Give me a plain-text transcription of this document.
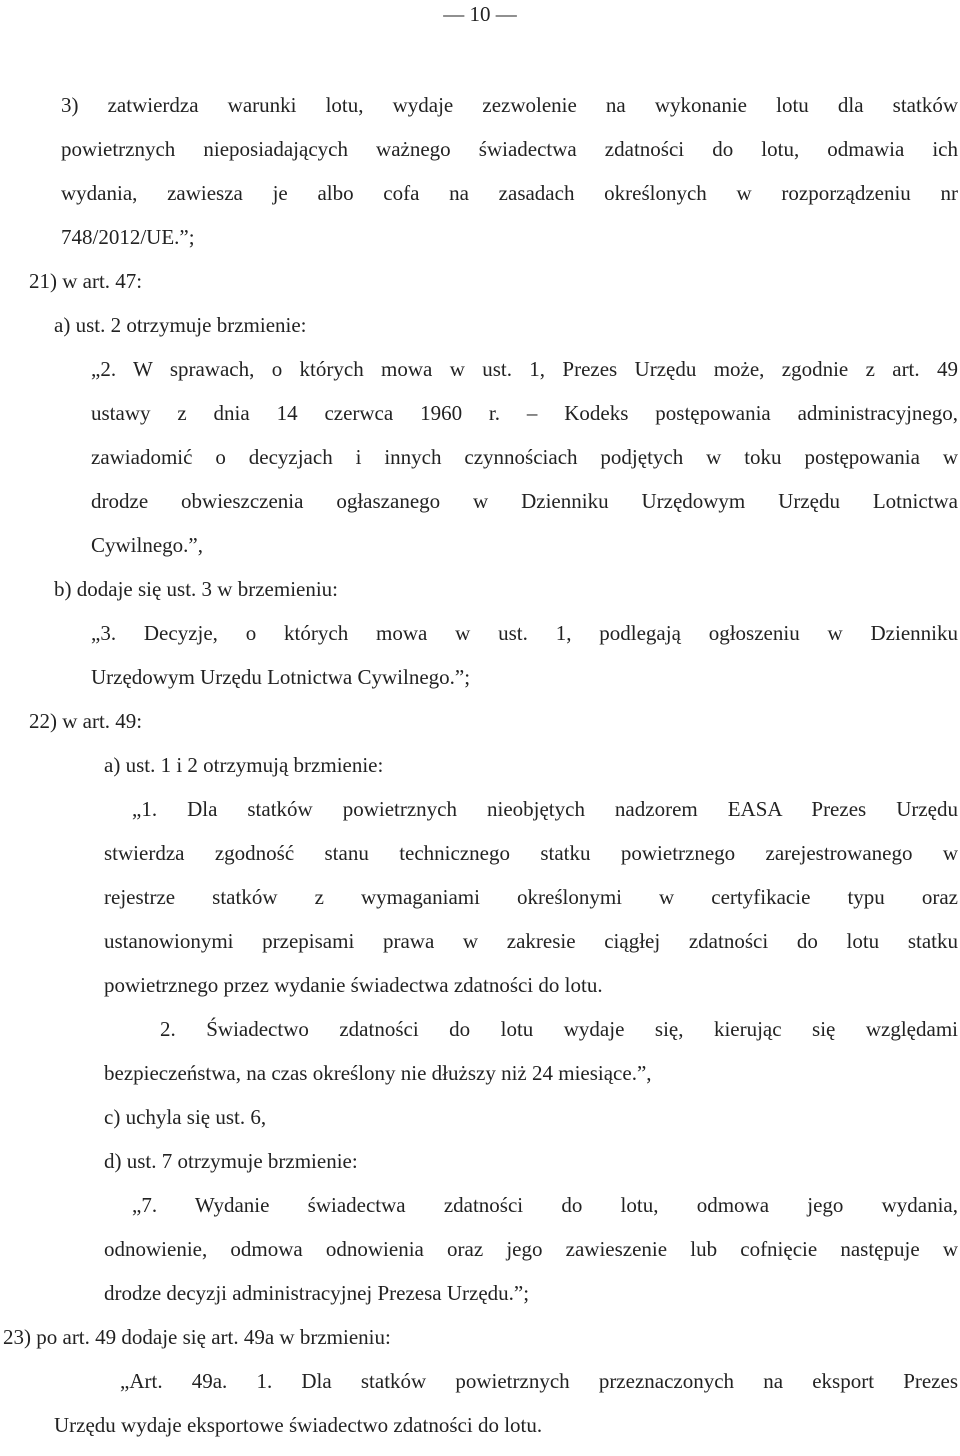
— 10 —
3) zatwierdza warunki lotu, wydaje zezwolenie na wykonanie lotu dla statków
powietrznych nieposiadających ważnego świadectwa zdatności do lotu, odmawia ich
wydania, zawiesza je albo cofa na zasadach określonych w rozporządzeniu nr
748/2012/UE.”;
21) w art. 47:
a) ust. 2 otrzymuje brzmienie:
„2. W sprawach, o których mowa w ust. 1, Prezes Urzędu może, zgodnie z art. 49
ustawy z dnia 14 czerwca 1960 r. – Kodeks postępowania administracyjnego,
zawiadomić o decyzjach i innych czynnościach podjętych w toku postępowania w
drodze obwieszczenia ogłaszanego w Dzienniku Urzędowym Urzędu Lotnictwa
Cywilnego.”,
b) dodaje się ust. 3 w brzemieniu:
„3. Decyzje, o których mowa w ust. 1, podlegają ogłoszeniu w Dzienniku
Urzędowym Urzędu Lotnictwa Cywilnego.”;
22) w art. 49:
a) ust. 1 i 2 otrzymują brzmienie:
„1. Dla statków powietrznych nieobjętych nadzorem EASA Prezes Urzędu
stwierdza zgodność stanu technicznego statku powietrznego zarejestrowanego w
rejestrze statków z wymaganiami określonymi w certyfikacie typu oraz
ustanowionymi przepisami prawa w zakresie ciągłej zdatności do lotu statku
powietrznego przez wydanie świadectwa zdatności do lotu.
2. Świadectwo zdatności do lotu wydaje się, kierując się względami
bezpieczeństwa, na czas określony nie dłuższy niż 24 miesiące.”,
c) uchyla się ust. 6,
d) ust. 7 otrzymuje brzmienie:
„7. Wydanie świadectwa zdatności do lotu, odmowa jego wydania,
odnowienie, odmowa odnowienia oraz jego zawieszenie lub cofnięcie następuje w
drodze decyzji administracyjnej Prezesa Urzędu.”;
23) po art. 49 dodaje się art. 49a w brzmieniu:
„Art. 49a. 1. Dla statków powietrznych przeznaczonych na eksport Prezes
Urzędu wydaje eksportowe świadectwo zdatności do lotu.
